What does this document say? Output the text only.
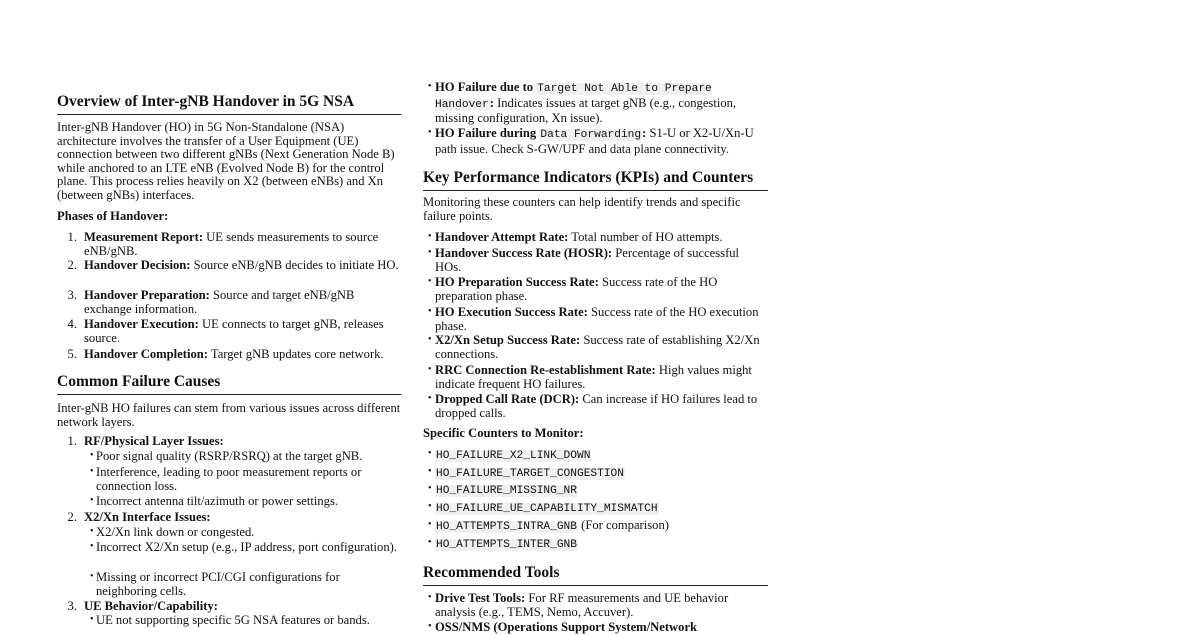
Overview of Inter-gNB Handover in 5G NSA

Inter-gNB Handover (HO) in 5G Non-Standalone (NSA) architecture involves the transfer of a User Equipment (UE) connection between two different gNBs (Next Generation Node B) while anchored to an LTE eNB (Evolved Node B) for the control plane. This process relies heavily on X2 (between eNBs) and Xn (between gNBs) interfaces.

Phases of Handover:

1. Measurement Report: UE sends measurements to source eNB/gNB.
2. Handover Decision: Source eNB/gNB decides to initiate HO.
3. Handover Preparation: Source and target eNB/gNB exchange information.
4. Handover Execution: UE connects to target gNB, releases source.
5. Handover Completion: Target gNB updates core network.
Common Failure Causes

Inter-gNB HO failures can stem from various issues across different network layers.

1. RF/Physical Layer Issues:
• Poor signal quality (RSRP/RSRQ) at the target gNB.
• Interference, leading to poor measurement reports or connection loss.
• Incorrect antenna tilt/azimuth or power settings.
2. X2/Xn Interface Issues:
• X2/Xn link down or congested.
• Incorrect X2/Xn setup (e.g., IP address, port configuration).
• Missing or incorrect PCI/CGI configurations for neighboring cells.
3. UE Behavior/Capability:
• UE not supporting specific 5G NSA features or bands.
• HO Failure due to Target Not Able to Prepare Handover: Indicates issues at target gNB (e.g., congestion, missing configuration, Xn issue).
• HO Failure during Data Forwarding: S1-U or X2-U/Xn-U path issue. Check S-GW/UPF and data plane connectivity.
Key Performance Indicators (KPIs) and Counters

Monitoring these counters can help identify trends and specific failure points.

• Handover Attempt Rate: Total number of HO attempts.
• Handover Success Rate (HOSR): Percentage of successful HOs.
• HO Preparation Success Rate: Success rate of the HO preparation phase.
• HO Execution Success Rate: Success rate of the HO execution phase.
• X2/Xn Setup Success Rate: Success rate of establishing X2/Xn connections.
• RRC Connection Re-establishment Rate: High values might indicate frequent HO failures.
• Dropped Call Rate (DCR): Can increase if HO failures lead to dropped calls.

Specific Counters to Monitor:

• HO_FAILURE_X2_LINK_DOWN
• HO_FAILURE_TARGET_CONGESTION
• HO_FAILURE_MISSING_NR
• HO_FAILURE_UE_CAPABILITY_MISMATCH
• HO_ATTEMPTS_INTRA_GNB (For comparison)
• HO_ATTEMPTS_INTER_GNB
Recommended Tools
• Drive Test Tools: For RF measurements and UE behavior analysis (e.g., TEMS, Nemo, Accuver).
• OSS/NMS (Operations Support System/Network
